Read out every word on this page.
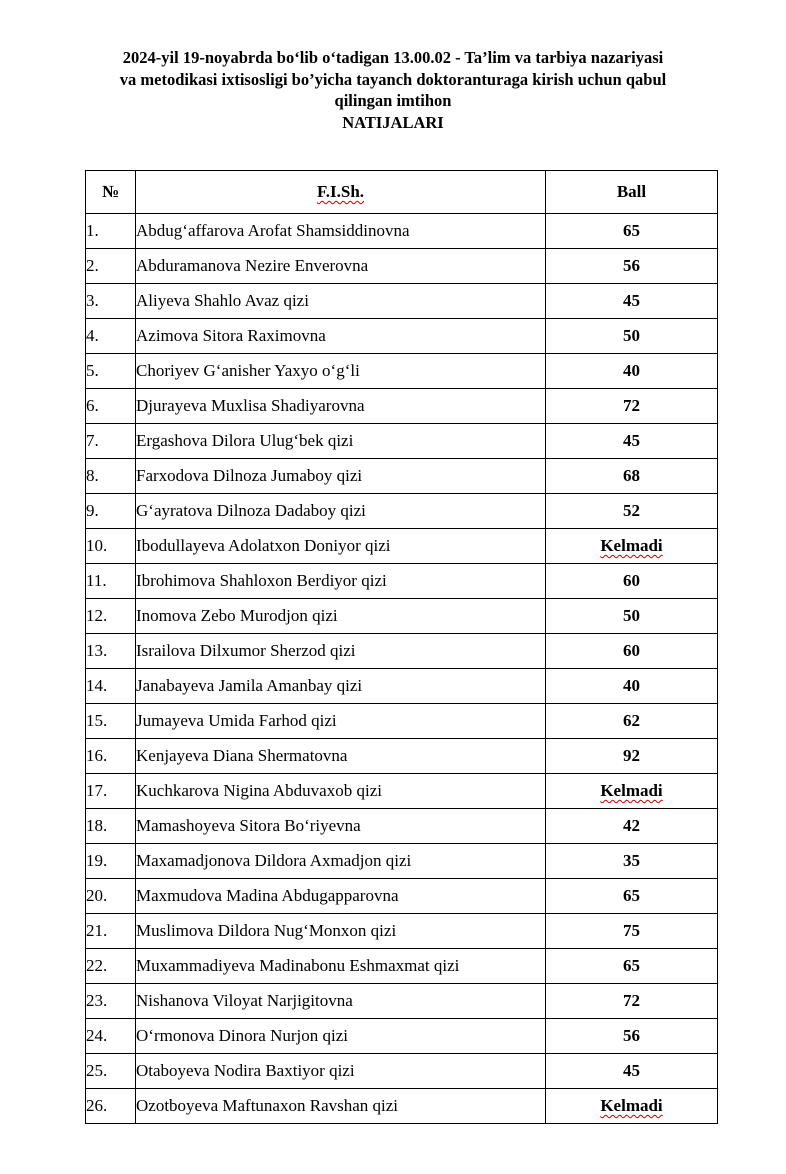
2024-yil 19-noyabrda bo‘lib o‘tadigan 13.00.02 - Ta’lim va tarbiya nazariyasi
va metodikasi ixtisosligi bo’yicha tayanch doktoranturaga kirish uchun qabul
qilingan imtihon
NATIJALARI
№	F.I.Sh.	Ball
1.	Abdug‘affarova Arofat Shamsiddinovna	65
2.	Abduramanova Nezire Enverovna	56
3.	Aliyeva Shahlo Avaz qizi	45
4.	Azimova Sitora Raximovna	50
5.	Choriyev G‘anisher Yaxyo o‘g‘li	40
6.	Djurayeva Muxlisa Shadiyarovna	72
7.	Ergashova Dilora Ulug‘bek qizi	45
8.	Farxodova Dilnoza Jumaboy qizi	68
9.	G‘ayratova Dilnoza Dadaboy qizi	52
10.	Ibodullayeva Adolatxon Doniyor qizi	Kelmadi
11.	Ibrohimova Shahloxon Berdiyor qizi	60
12.	Inomova Zebo Murodjon qizi	50
13.	Israilova Dilxumor Sherzod qizi	60
14.	Janabayeva Jamila Amanbay qizi	40
15.	Jumayeva Umida Farhod qizi	62
16.	Kenjayeva Diana Shermatovna	92
17.	Kuchkarova Nigina Abduvaxob qizi	Kelmadi
18.	Mamashoyeva Sitora Bo‘riyevna	42
19.	Maxamadjonova Dildora Axmadjon qizi	35
20.	Maxmudova Madina Abdugapparovna	65
21.	Muslimova Dildora Nug‘Monxon qizi	75
22.	Muxammadiyeva Madinabonu Eshmaxmat qizi	65
23.	Nishanova Viloyat Narjigitovna	72
24.	O‘rmonova Dinora Nurjon qizi	56
25.	Otaboyeva Nodira Baxtiyor qizi	45
26.	Ozotboyeva Maftunaxon Ravshan qizi	Kelmadi
